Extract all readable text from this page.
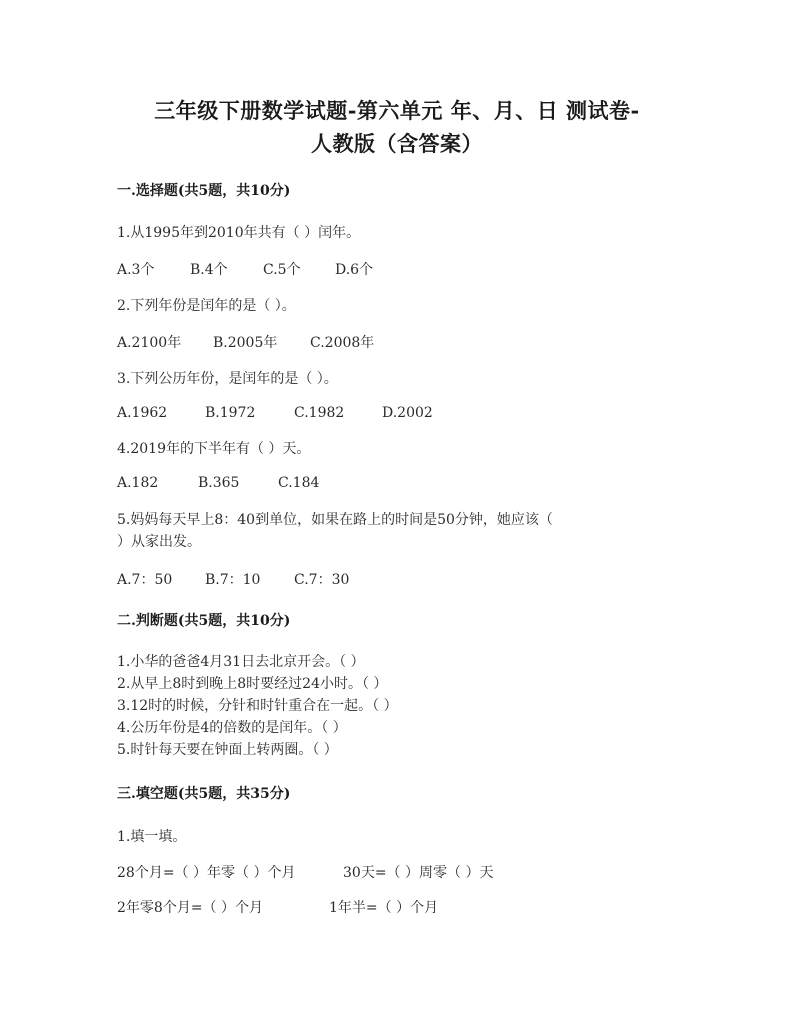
三年级下册数学试题-第六单元 年、月、日 测试卷-
人教版（含答案）
一.选择题(共5题，共10分)
1.从1995年到2010年共有（ ）闰年。
A.3个	B.4个	C.5个 D.6个
2.下列年份是闰年的是（ ）。
A.2100年 B.2005年 C.2008年
3.下列公历年份，是闰年的是（ ）。
A.1962	B.1972	C.1982	D.2002
4.2019年的下半年有（ ）天。
A.182	B.365	C.184
5.妈妈每天早上8：40到单位，如果在路上的时间是50分钟，她应该（
）从家出发。
A.7：50 B.7：10 C.7：30
二.判断题(共5题，共10分)
1.小华的爸爸4月31日去北京开会。（ ）
2.从早上8时到晚上8时要经过24小时。（ ）
3.12时的时候，分针和时针重合在一起。（ ）
4.公历年份是4的倍数的是闰年。（ ）
5.时针每天要在钟面上转两圈。（ ）
三.填空题(共5题，共35分)
1.填一填。
28个月=（ ）年零（ ）个月	30天=（ ）周零（ ）天
2年零8个月=（ ）个月	1年半=（ ）个月
